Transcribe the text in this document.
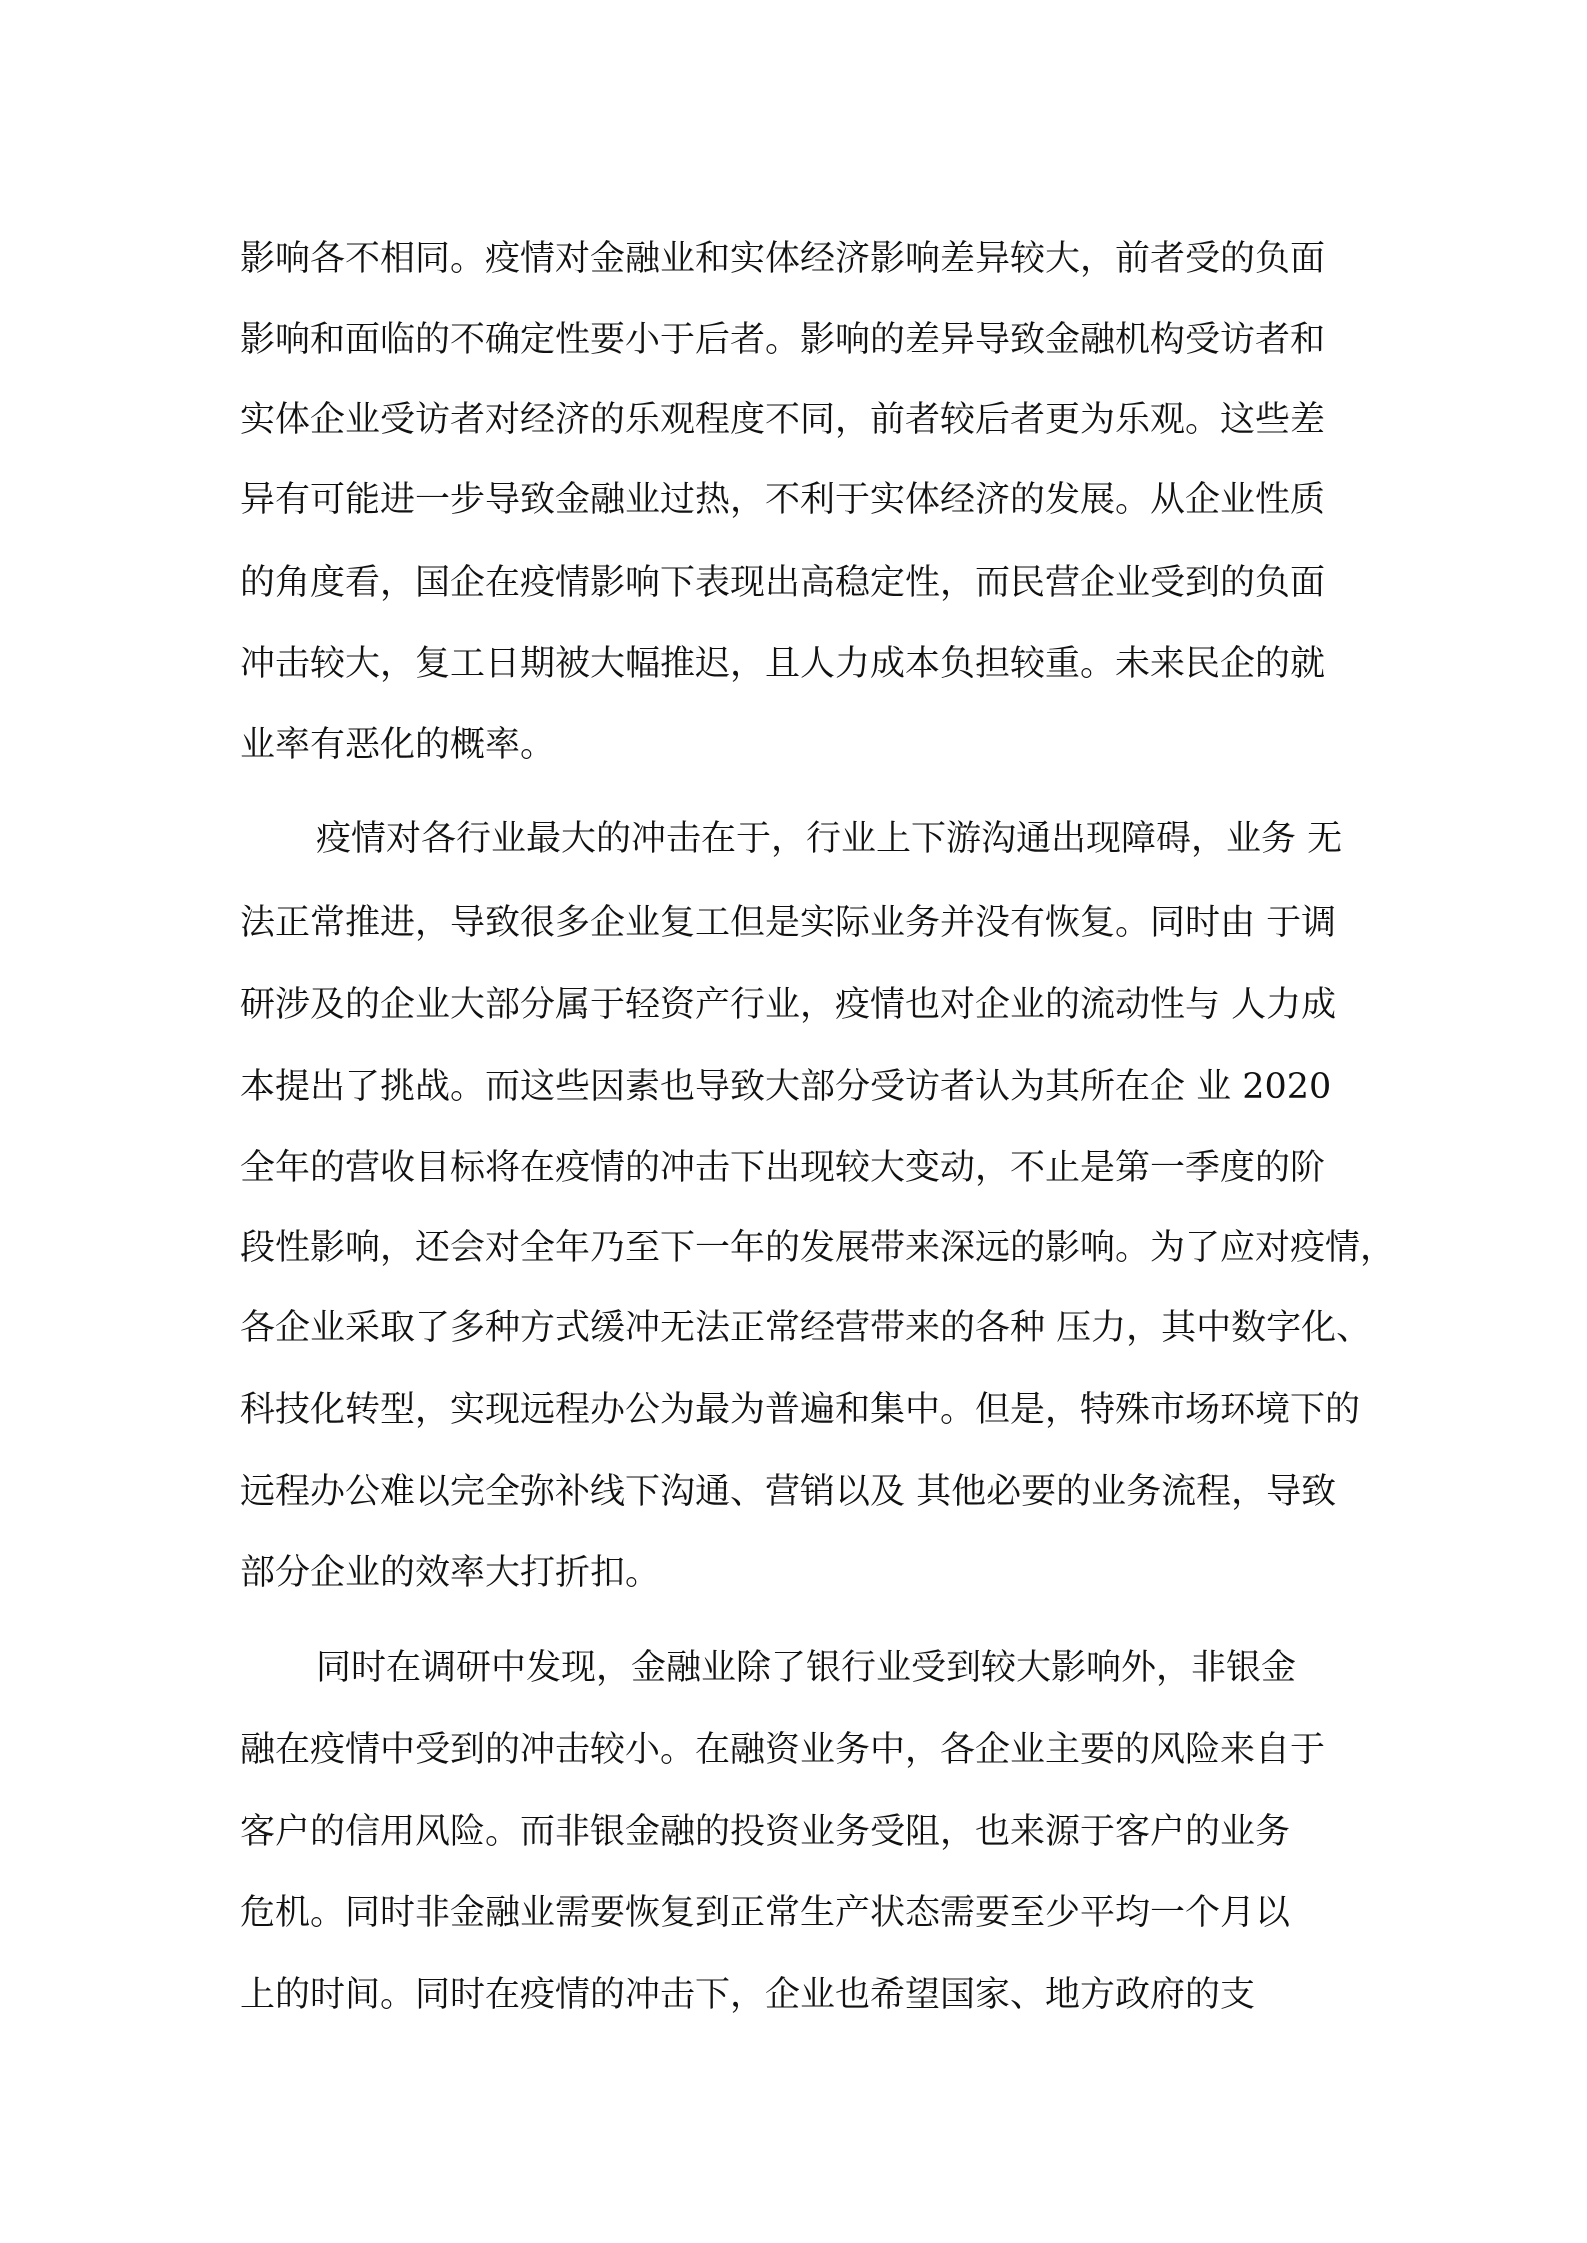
影响各不相同。疫情对金融业和实体经济影响差异较大，前者受的负面

影响和面临的不确定性要小于后者。影响的差异导致金融机构受访者和

实体企业受访者对经济的乐观程度不同，前者较后者更为乐观。这些差

异有可能进一步导致金融业过热，不利于实体经济的发展。从企业性质

的角度看，国企在疫情影响下表现出高稳定性，而民营企业受到的负面

冲击较大，复工日期被大幅推迟，且人力成本负担较重。未来民企的就

业率有恶化的概率。

疫情对各行业最大的冲击在于，行业上下游沟通出现障碍，业务 无

法正常推进，导致很多企业复工但是实际业务并没有恢复。同时由 于调

研涉及的企业大部分属于轻资产行业，疫情也对企业的流动性与 人力成

本提出了挑战。而这些因素也导致大部分受访者认为其所在企 业 2020

全年的营收目标将在疫情的冲击下出现较大变动，不止是第一季度的阶

段性影响，还会对全年乃至下一年的发展带来深远的影响。为了应对疫情，

各企业采取了多种方式缓冲无法正常经营带来的各种 压力，其中数字化、

科技化转型，实现远程办公为最为普遍和集中。但是，特殊市场环境下的

远程办公难以完全弥补线下沟通、营销以及 其他必要的业务流程，导致

部分企业的效率大打折扣。

同时在调研中发现，金融业除了银行业受到较大影响外，非银金

融在疫情中受到的冲击较小。在融资业务中，各企业主要的风险来自于

客户的信用风险。而非银金融的投资业务受阻，也来源于客户的业务

危机。同时非金融业需要恢复到正常生产状态需要至少平均一个月以

上的时间。同时在疫情的冲击下，企业也希望国家、地方政府的支
